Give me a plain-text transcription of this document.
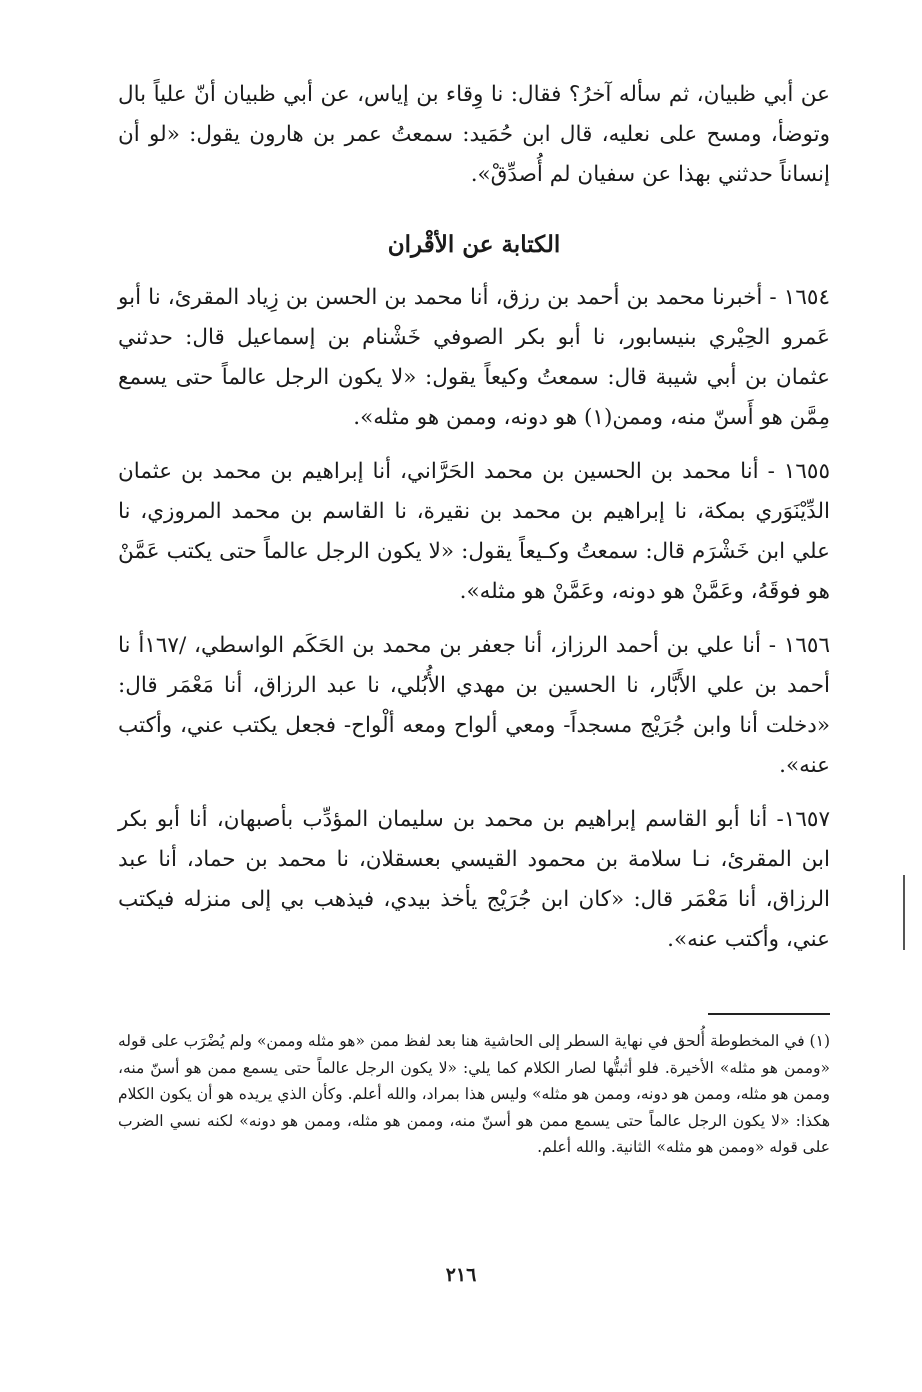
عن أبي ظبيان، ثم سأله آخرُ؟ فقال: نا وِقاء بن إياس، عن أبي ظبيان أنّ علياً بال وتوضأ، ومسح على نعليه، قال ابن حُمَيد: سمعتُ عمر بن هارون يقول: «لو أن إنساناً حدثني بهذا عن سفيان لم أُصدِّقْ».

الكتابة عن الأقْران

١٦٥٤ - أخبرنا محمد بن أحمد بن رزق، أنا محمد بن الحسن بن زِياد المقرئ، نا أبو عَمرو الحِيْري بنيسابور، نا أبو بكر الصوفي خَشْنام بن إسماعيل قال: حدثني عثمان بن أبي شيبة قال: سمعتُ وكيعاً يقول: «لا يكون الرجل عالماً حتى يسمع مِمَّن هو أَسنّ منه، وممن(١) هو دونه، وممن هو مثله».

١٦٥٥ - أنا محمد بن الحسين بن محمد الحَرَّاني، أنا إبراهيم بن محمد بن عثمان الدِّيْنَوَري بمكة، نا إبراهيم بن محمد بن نقيرة، نا القاسم بن محمد المروزي، نا علي ابن خَشْرَم قال: سمعتُ وكـيعاً يقول: «لا يكون الرجل عالماً حتى يكتب عَمَّنْ هو فوقَهُ، وعَمَّنْ هو دونه، وعَمَّنْ هو مثله».

١٦٥٦ - أنا علي بن أحمد الرزاز، أنا جعفر بن محمد بن الحَكَم الواسطي، /١٦٧أ نا أحمد بن علي الأَبَّار، نا الحسين بن مهدي الأُبُلي، نا عبد الرزاق، أنا مَعْمَر قال: «دخلت أنا وابن جُرَيْج مسجداً- ومعي ألواح ومعه ألْواح- فجعل يكتب عني، وأكتب عنه».

١٦٥٧- أنا أبو القاسم إبراهيم بن محمد بن سليمان المؤدِّب بأصبهان، أنا أبو بكر ابن المقرئ، نـا سلامة بن محمود القيسي بعسقلان، نا محمد بن حماد، أنا عبد الرزاق، أنا مَعْمَر قال: «كان ابن جُرَيْج يأخذ بيدي، فيذهب بي إلى منزله فيكتب عني، وأكتب عنه».

(١) في المخطوطة أُلحق في نهاية السطر إلى الحاشية هنا بعد لفظ ممن «هو مثله وممن» ولم يُضْرَب على قوله «وممن هو مثله» الأخيرة. فلو أثبتُّها لصار الكلام كما يلي: «لا يكون الرجل عالماً حتى يسمع ممن هو أسنّ منه، وممن هو مثله، وممن هو دونه، وممن هو مثله» وليس هذا بمراد، والله أعلم. وكأن الذي يريده هو أن يكون الكلام هكذا: «لا يكون الرجل عالماً حتى يسمع ممن هو أسنّ منه، وممن هو مثله، وممن هو دونه» لكنه نسي الضرب على قوله «وممن هو مثله» الثانية. والله أعلم.

٢١٦
